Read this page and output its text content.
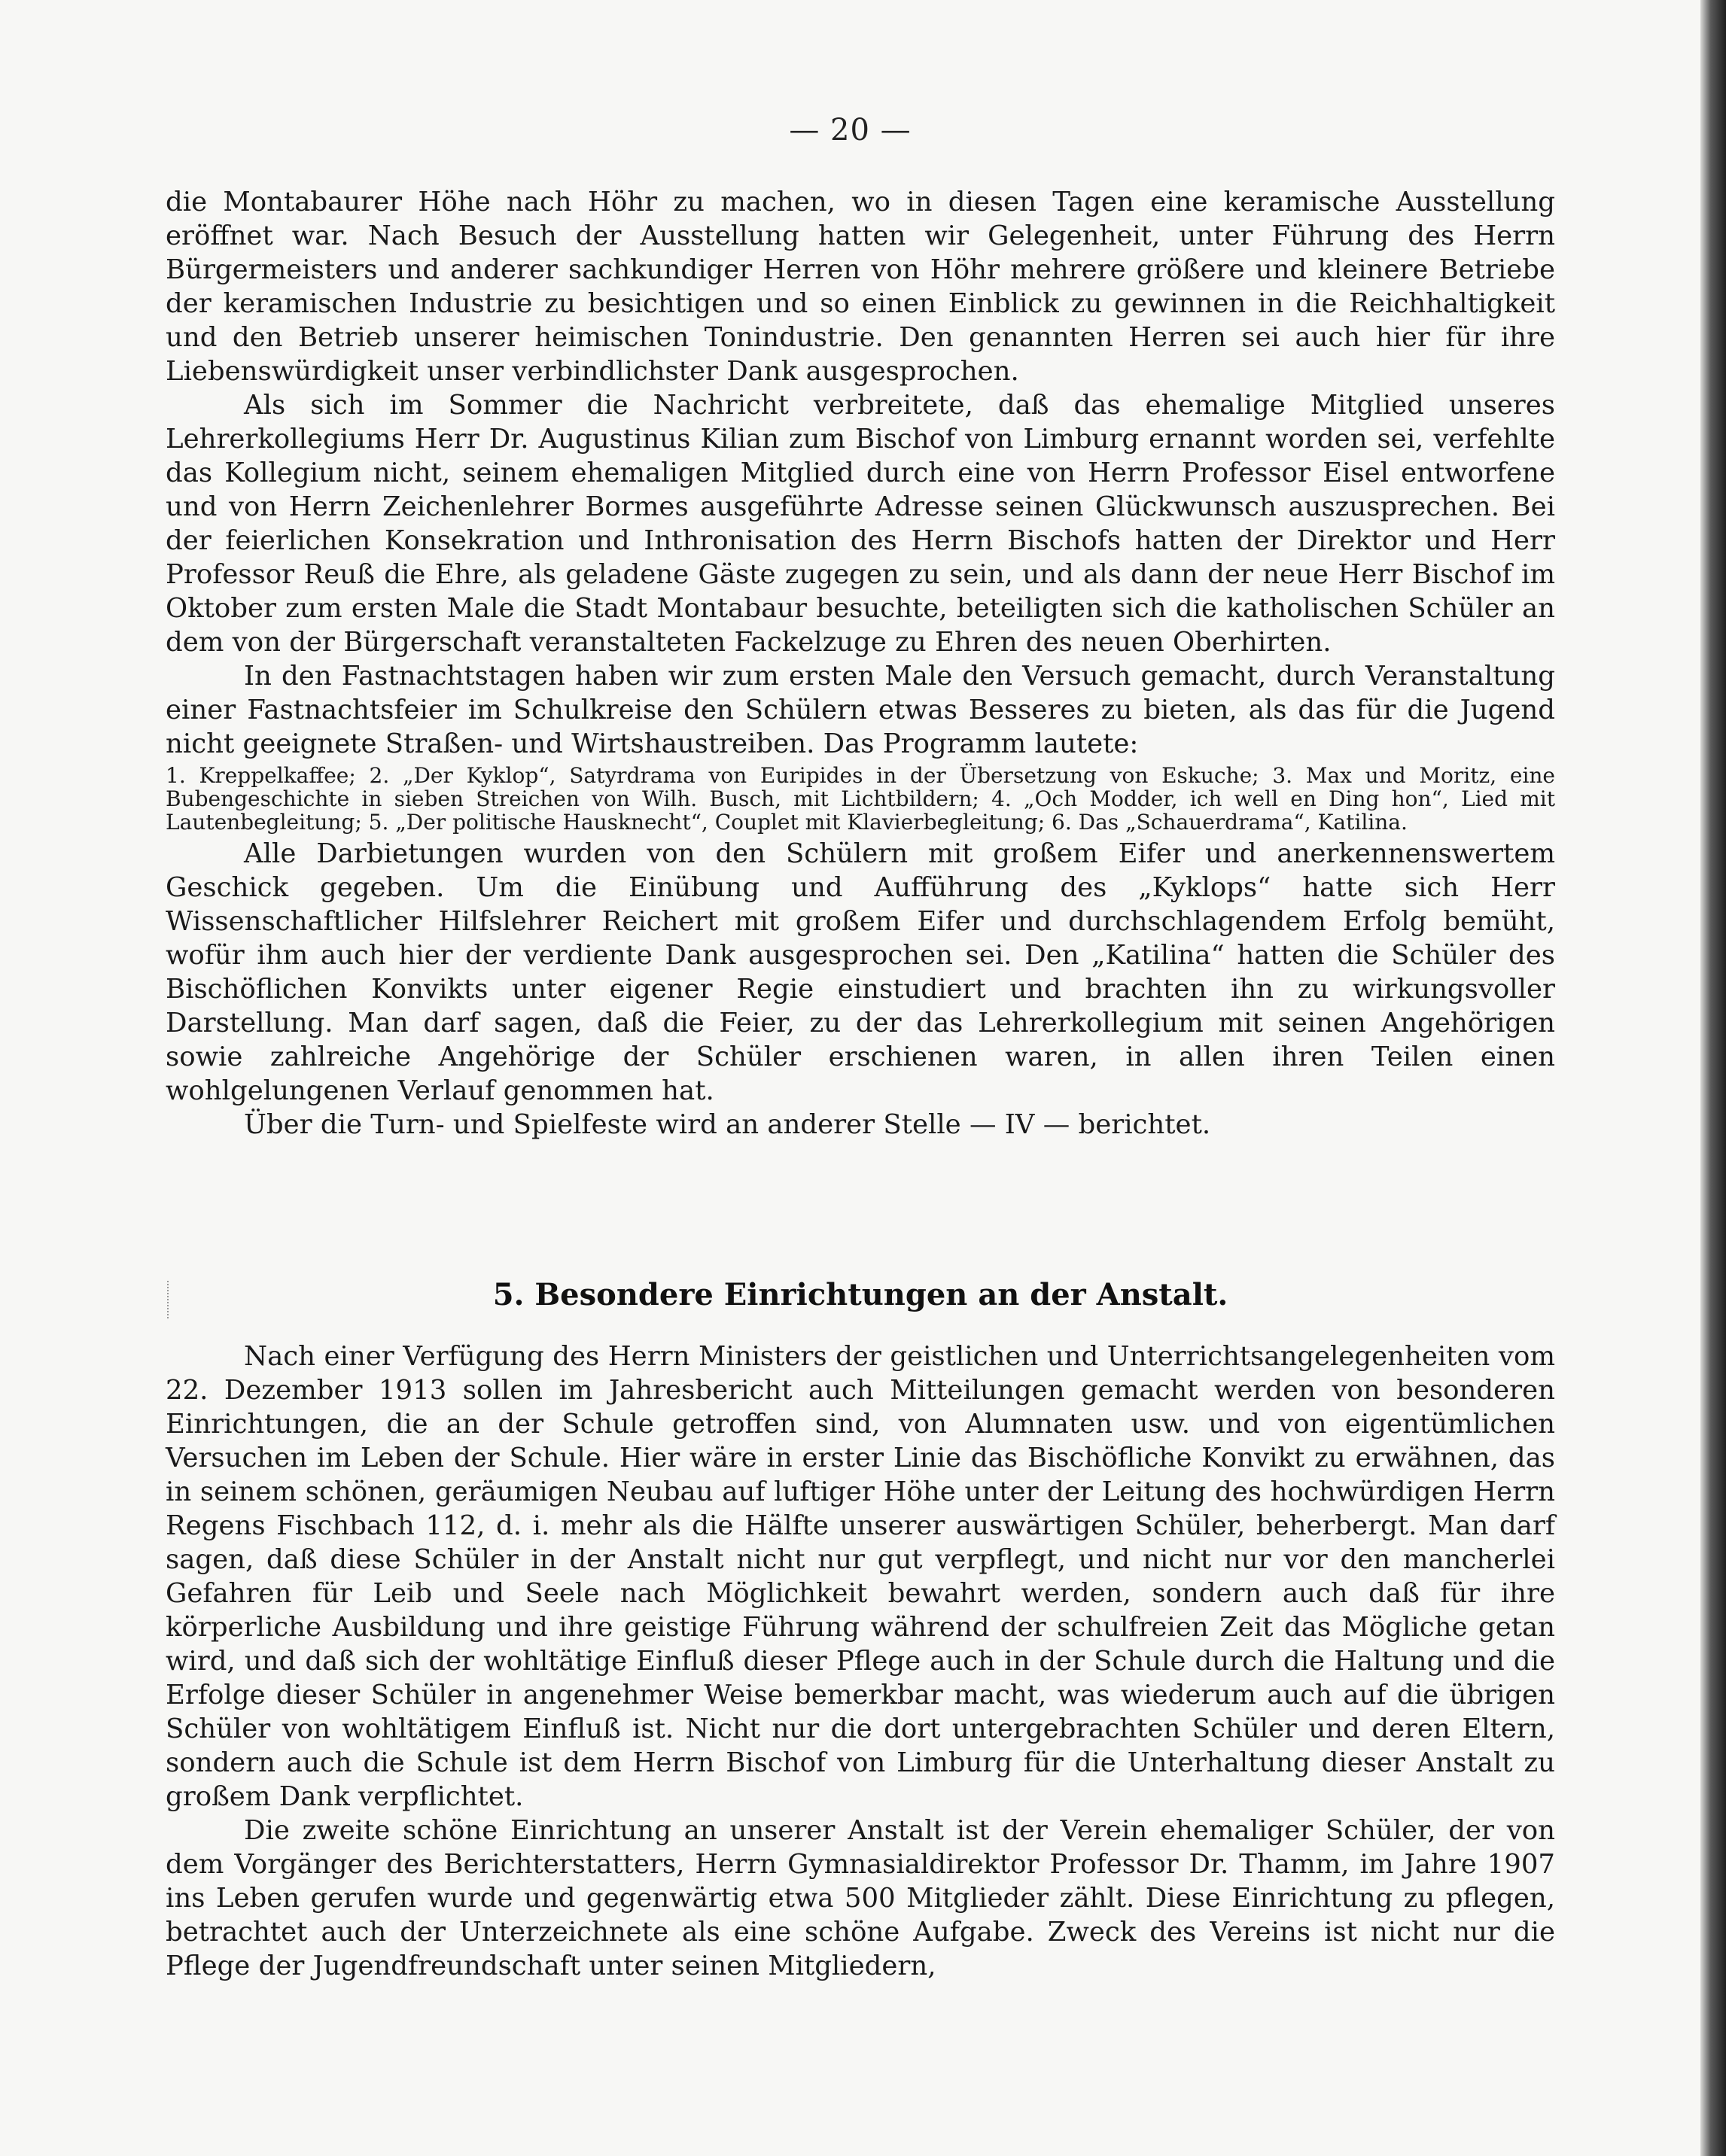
— 20 —

die Montabaurer Höhe nach Höhr zu machen, wo in diesen Tagen eine keramische Ausstellung eröffnet war. Nach Besuch der Ausstellung hatten wir Gelegenheit, unter Führung des Herrn Bürgermeisters und anderer sachkundiger Herren von Höhr mehrere größere und kleinere Betriebe der keramischen Industrie zu besichtigen und so einen Einblick zu gewinnen in die Reichhaltigkeit und den Betrieb unserer heimischen Tonindustrie. Den genannten Herren sei auch hier für ihre Liebenswürdigkeit unser verbindlichster Dank ausgesprochen.

Als sich im Sommer die Nachricht verbreitete, daß das ehemalige Mitglied unseres Lehrerkollegiums Herr Dr. Augustinus Kilian zum Bischof von Limburg ernannt worden sei, verfehlte das Kollegium nicht, seinem ehemaligen Mitglied durch eine von Herrn Professor Eisel entworfene und von Herrn Zeichenlehrer Bormes ausgeführte Adresse seinen Glückwunsch auszusprechen. Bei der feierlichen Konsekration und Inthronisation des Herrn Bischofs hatten der Direktor und Herr Professor Reuß die Ehre, als geladene Gäste zugegen zu sein, und als dann der neue Herr Bischof im Oktober zum ersten Male die Stadt Montabaur besuchte, beteiligten sich die katholischen Schüler an dem von der Bürgerschaft veranstalteten Fackelzuge zu Ehren des neuen Oberhirten.

In den Fastnachtstagen haben wir zum ersten Male den Versuch gemacht, durch Veranstaltung einer Fastnachtsfeier im Schulkreise den Schülern etwas Besseres zu bieten, als das für die Jugend nicht geeignete Straßen- und Wirtshaustreiben. Das Programm lautete:

1. Kreppelkaffee; 2. „Der Kyklop“, Satyrdrama von Euripides in der Übersetzung von Eskuche; 3. Max und Moritz, eine Bubengeschichte in sieben Streichen von Wilh. Busch, mit Lichtbildern; 4. „Och Modder, ich well en Ding hon“, Lied mit Lautenbegleitung; 5. „Der politische Hausknecht“, Couplet mit Klavierbegleitung; 6. Das „Schauerdrama“, Katilina.

Alle Darbietungen wurden von den Schülern mit großem Eifer und anerkennenswertem Geschick gegeben. Um die Einübung und Aufführung des „Kyklops“ hatte sich Herr Wissenschaftlicher Hilfslehrer Reichert mit großem Eifer und durchschlagendem Erfolg bemüht, wofür ihm auch hier der verdiente Dank ausgesprochen sei. Den „Katilina“ hatten die Schüler des Bischöflichen Konvikts unter eigener Regie einstudiert und brachten ihn zu wirkungsvoller Darstellung. Man darf sagen, daß die Feier, zu der das Lehrerkollegium mit seinen Angehörigen sowie zahlreiche Angehörige der Schüler erschienen waren, in allen ihren Teilen einen wohlgelungenen Verlauf genommen hat.

Über die Turn- und Spielfeste wird an anderer Stelle — IV — berichtet.

5. Besondere Einrichtungen an der Anstalt.

Nach einer Verfügung des Herrn Ministers der geistlichen und Unterrichtsangelegenheiten vom 22. Dezember 1913 sollen im Jahresbericht auch Mitteilungen gemacht werden von besonderen Einrichtungen, die an der Schule getroffen sind, von Alumnaten usw. und von eigentümlichen Versuchen im Leben der Schule. Hier wäre in erster Linie das Bischöfliche Konvikt zu erwähnen, das in seinem schönen, geräumigen Neubau auf luftiger Höhe unter der Leitung des hochwürdigen Herrn Regens Fischbach 112, d. i. mehr als die Hälfte unserer auswärtigen Schüler, beherbergt. Man darf sagen, daß diese Schüler in der Anstalt nicht nur gut verpflegt, und nicht nur vor den mancherlei Gefahren für Leib und Seele nach Möglichkeit bewahrt werden, sondern auch daß für ihre körperliche Ausbildung und ihre geistige Führung während der schulfreien Zeit das Mögliche getan wird, und daß sich der wohltätige Einfluß dieser Pflege auch in der Schule durch die Haltung und die Erfolge dieser Schüler in angenehmer Weise bemerkbar macht, was wiederum auch auf die übrigen Schüler von wohltätigem Einfluß ist. Nicht nur die dort untergebrachten Schüler und deren Eltern, sondern auch die Schule ist dem Herrn Bischof von Limburg für die Unterhaltung dieser Anstalt zu großem Dank verpflichtet.

Die zweite schöne Einrichtung an unserer Anstalt ist der Verein ehemaliger Schüler, der von dem Vorgänger des Berichterstatters, Herrn Gymnasialdirektor Professor Dr. Thamm, im Jahre 1907 ins Leben gerufen wurde und gegenwärtig etwa 500 Mitglieder zählt. Diese Einrichtung zu pflegen, betrachtet auch der Unterzeichnete als eine schöne Aufgabe. Zweck des Vereins ist nicht nur die Pflege der Jugendfreundschaft unter seinen Mitgliedern,
